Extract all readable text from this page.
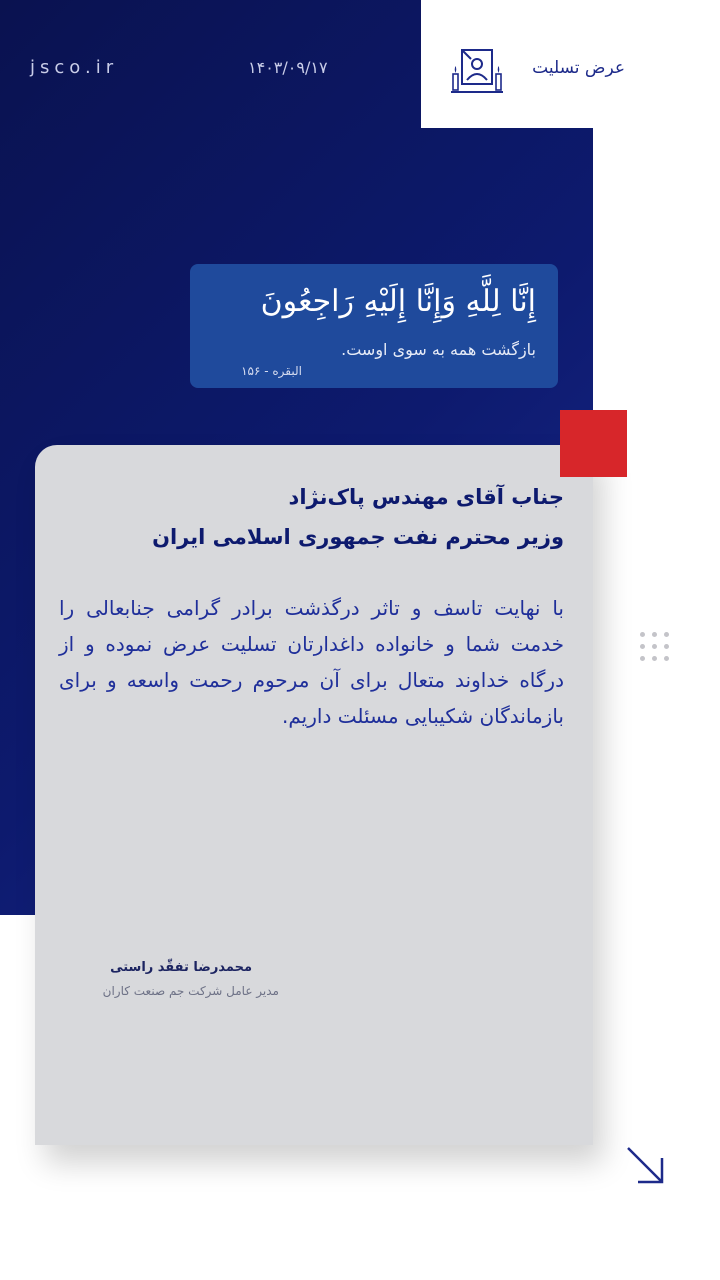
jsco.ir	۱۴۰۳/۰۹/۱۷	عرض تسلیت
إِنَّا لِلَّهِ وَإِنَّا إِلَيْهِ رَاجِعُونَ
بازگشت همه به سوی اوست.
البقره - ۱۵۶
جناب آقای مهندس پاک‌نژاد
وزیر محترم نفت جمهوری اسلامی ایران
با نهایت تاسف و تاثر درگذشت برادر گرامی جنابعالی را خدمت شما و خانواده داغدارتان تسلیت عرض نموده و از درگاه خداوند متعال برای آن مرحوم رحمت واسعه و برای بازماندگان شکیبایی مسئلت داریم.
محمدرضا تفقّد راستی
مدیر عامل شرکت جم صنعت کاران
